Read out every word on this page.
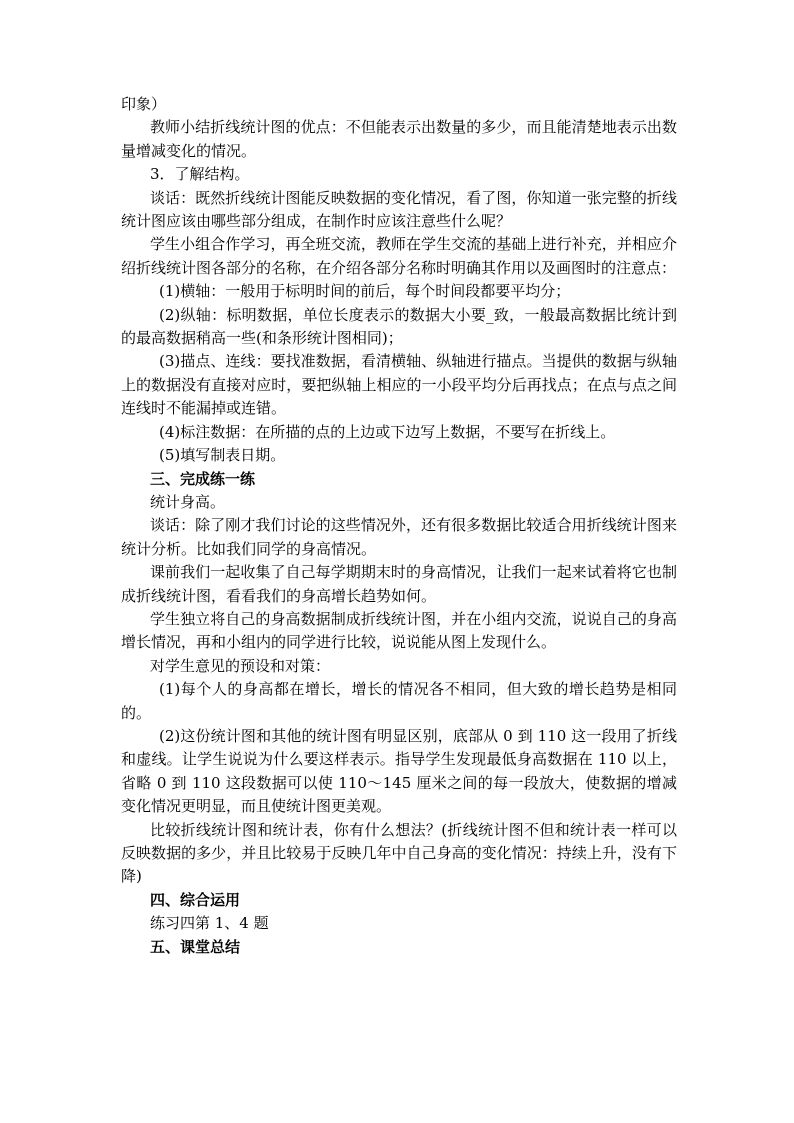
印象）

教师小结折线统计图的优点：不但能表示出数量的多少，而且能清楚地表示出数量增减变化的情况。

3．了解结构。

谈话：既然折线统计图能反映数据的变化情况，看了图，你知道一张完整的折线统计图应该由哪些部分组成，在制作时应该注意些什么呢？

学生小组合作学习，再全班交流，教师在学生交流的基础上进行补充，并相应介绍折线统计图各部分的名称，在介绍各部分名称时明确其作用以及画图时的注意点：

(1)横轴：一般用于标明时间的前后，每个时间段都要平均分；

(2)纵轴：标明数据，单位长度表示的数据大小要_致，一般最高数据比统计到的最高数据稍高一些(和条形统计图相同)；

(3)描点、连线：要找准数据，看清横轴、纵轴进行描点。当提供的数据与纵轴上的数据没有直接对应时，要把纵轴上相应的一小段平均分后再找点；在点与点之间连线时不能漏掉或连错。

(4)标注数据：在所描的点的上边或下边写上数据，不要写在折线上。

(5)填写制表日期。

三、完成练一练

统计身高。

谈话：除了刚才我们讨论的这些情况外，还有很多数据比较适合用折线统计图来统计分析。比如我们同学的身高情况。

课前我们一起收集了自己每学期期末时的身高情况，让我们一起来试着将它也制成折线统计图，看看我们的身高增长趋势如何。

学生独立将自己的身高数据制成折线统计图，并在小组内交流，说说自己的身高增长情况，再和小组内的同学进行比较，说说能从图上发现什么。

对学生意见的预设和对策：

(1)每个人的身高都在增长，增长的情况各不相同，但大致的增长趋势是相同的。

(2)这份统计图和其他的统计图有明显区别，底部从 0 到 110 这一段用了折线和虚线。让学生说说为什么要这样表示。指导学生发现最低身高数据在 110 以上，省略 0 到 110 这段数据可以使 110～145 厘米之间的每一段放大，使数据的增减变化情况更明显，而且使统计图更美观。

比较折线统计图和统计表，你有什么想法？(折线统计图不但和统计表一样可以反映数据的多少，并且比较易于反映几年中自己身高的变化情况：持续上升，没有下降)

四、综合运用

练习四第 1、4 题

五、课堂总结
